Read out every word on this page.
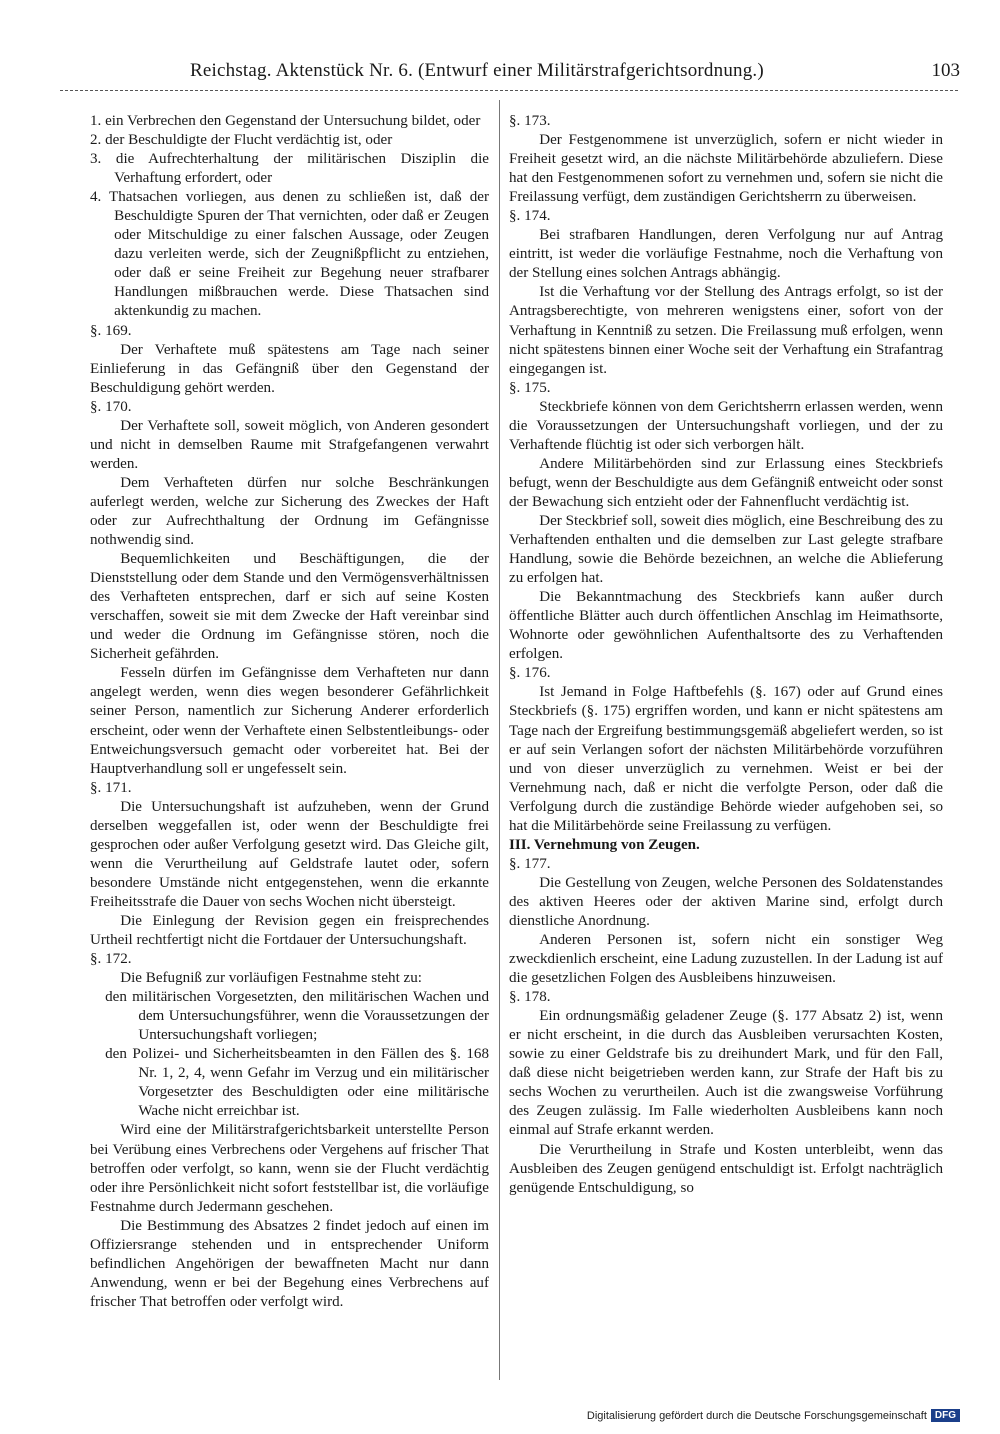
Reichstag. Aktenstück Nr. 6. (Entwurf einer Militärstrafgerichtsordnung.)	103

1. ein Verbrechen den Gegenstand der Untersuchung bildet, oder

2. der Beschuldigte der Flucht verdächtig ist, oder

3. die Aufrechterhaltung der militärischen Disziplin die Verhaftung erfordert, oder

4. Thatsachen vorliegen, aus denen zu schließen ist, daß der Beschuldigte Spuren der That vernichten, oder daß er Zeugen oder Mitschuldige zu einer falschen Aussage, oder Zeugen dazu verleiten werde, sich der Zeugnißpflicht zu entziehen, oder daß er seine Freiheit zur Begehung neuer strafbarer Handlungen mißbrauchen werde. Diese Thatsachen sind aktenkundig zu machen.

§. 169.

Der Verhaftete muß spätestens am Tage nach seiner Einlieferung in das Gefängniß über den Gegenstand der Beschuldigung gehört werden.

§. 170.

Der Verhaftete soll, soweit möglich, von Anderen gesondert und nicht in demselben Raume mit Strafgefangenen verwahrt werden.

Dem Verhafteten dürfen nur solche Beschränkungen auferlegt werden, welche zur Sicherung des Zweckes der Haft oder zur Aufrechthaltung der Ordnung im Gefängnisse nothwendig sind.

Bequemlichkeiten und Beschäftigungen, die der Dienststellung oder dem Stande und den Vermögensverhältnissen des Verhafteten entsprechen, darf er sich auf seine Kosten verschaffen, soweit sie mit dem Zwecke der Haft vereinbar sind und weder die Ordnung im Gefängnisse stören, noch die Sicherheit gefährden.

Fesseln dürfen im Gefängnisse dem Verhafteten nur dann angelegt werden, wenn dies wegen besonderer Gefährlichkeit seiner Person, namentlich zur Sicherung Anderer erforderlich erscheint, oder wenn der Verhaftete einen Selbstentleibungs- oder Entweichungsversuch gemacht oder vorbereitet hat. Bei der Hauptverhandlung soll er ungefesselt sein.

§. 171.

Die Untersuchungshaft ist aufzuheben, wenn der Grund derselben weggefallen ist, oder wenn der Beschuldigte frei gesprochen oder außer Verfolgung gesetzt wird. Das Gleiche gilt, wenn die Verurtheilung auf Geldstrafe lautet oder, sofern besondere Umstände nicht entgegenstehen, wenn die erkannte Freiheitsstrafe die Dauer von sechs Wochen nicht übersteigt.

Die Einlegung der Revision gegen ein freisprechendes Urtheil rechtfertigt nicht die Fortdauer der Untersuchungshaft.

§. 172.

Die Befugniß zur vorläufigen Festnahme steht zu:

den militärischen Vorgesetzten, den militärischen Wachen und dem Untersuchungsführer, wenn die Voraussetzungen der Untersuchungshaft vorliegen;

den Polizei- und Sicherheitsbeamten in den Fällen des §. 168 Nr. 1, 2, 4, wenn Gefahr im Verzug und ein militärischer Vorgesetzter des Beschuldigten oder eine militärische Wache nicht erreichbar ist.

Wird eine der Militärstrafgerichtsbarkeit unterstellte Person bei Verübung eines Verbrechens oder Vergehens auf frischer That betroffen oder verfolgt, so kann, wenn sie der Flucht verdächtig oder ihre Persönlichkeit nicht sofort feststellbar ist, die vorläufige Festnahme durch Jedermann geschehen.

Die Bestimmung des Absatzes 2 findet jedoch auf einen im Offiziersrange stehenden und in entsprechender Uniform befindlichen Angehörigen der bewaffneten Macht nur dann Anwendung, wenn er bei der Begehung eines Verbrechens auf frischer That betroffen oder verfolgt wird.

§. 173.

Der Festgenommene ist unverzüglich, sofern er nicht wieder in Freiheit gesetzt wird, an die nächste Militärbehörde abzuliefern. Diese hat den Festgenommenen sofort zu vernehmen und, sofern sie nicht die Freilassung verfügt, dem zuständigen Gerichtsherrn zu überweisen.

§. 174.

Bei strafbaren Handlungen, deren Verfolgung nur auf Antrag eintritt, ist weder die vorläufige Festnahme, noch die Verhaftung von der Stellung eines solchen Antrags abhängig.

Ist die Verhaftung vor der Stellung des Antrags erfolgt, so ist der Antragsberechtigte, von mehreren wenigstens einer, sofort von der Verhaftung in Kenntniß zu setzen. Die Freilassung muß erfolgen, wenn nicht spätestens binnen einer Woche seit der Verhaftung ein Strafantrag eingegangen ist.

§. 175.

Steckbriefe können von dem Gerichtsherrn erlassen werden, wenn die Voraussetzungen der Untersuchungshaft vorliegen, und der zu Verhaftende flüchtig ist oder sich verborgen hält.

Andere Militärbehörden sind zur Erlassung eines Steckbriefs befugt, wenn der Beschuldigte aus dem Gefängniß entweicht oder sonst der Bewachung sich entzieht oder der Fahnenflucht verdächtig ist.

Der Steckbrief soll, soweit dies möglich, eine Beschreibung des zu Verhaftenden enthalten und die demselben zur Last gelegte strafbare Handlung, sowie die Behörde bezeichnen, an welche die Ablieferung zu erfolgen hat.

Die Bekanntmachung des Steckbriefs kann außer durch öffentliche Blätter auch durch öffentlichen Anschlag im Heimathsorte, Wohnorte oder gewöhnlichen Aufenthaltsorte des zu Verhaftenden erfolgen.

§. 176.

Ist Jemand in Folge Haftbefehls (§. 167) oder auf Grund eines Steckbriefs (§. 175) ergriffen worden, und kann er nicht spätestens am Tage nach der Ergreifung bestimmungsgemäß abgeliefert werden, so ist er auf sein Verlangen sofort der nächsten Militärbehörde vorzuführen und von dieser unverzüglich zu vernehmen. Weist er bei der Vernehmung nach, daß er nicht die verfolgte Person, oder daß die Verfolgung durch die zuständige Behörde wieder aufgehoben sei, so hat die Militärbehörde seine Freilassung zu verfügen.

III. Vernehmung von Zeugen.

§. 177.

Die Gestellung von Zeugen, welche Personen des Soldatenstandes des aktiven Heeres oder der aktiven Marine sind, erfolgt durch dienstliche Anordnung.

Anderen Personen ist, sofern nicht ein sonstiger Weg zweckdienlich erscheint, eine Ladung zuzustellen. In der Ladung ist auf die gesetzlichen Folgen des Ausbleibens hinzuweisen.

§. 178.

Ein ordnungsmäßig geladener Zeuge (§. 177 Absatz 2) ist, wenn er nicht erscheint, in die durch das Ausbleiben verursachten Kosten, sowie zu einer Geldstrafe bis zu dreihundert Mark, und für den Fall, daß diese nicht beigetrieben werden kann, zur Strafe der Haft bis zu sechs Wochen zu verurtheilen. Auch ist die zwangsweise Vorführung des Zeugen zulässig. Im Falle wiederholten Ausbleibens kann noch einmal auf Strafe erkannt werden.

Die Verurtheilung in Strafe und Kosten unterbleibt, wenn das Ausbleiben des Zeugen genügend entschuldigt ist. Erfolgt nachträglich genügende Entschuldigung, so

Digitalisierung gefördert durch die Deutsche Forschungsgemeinschaft DFG
